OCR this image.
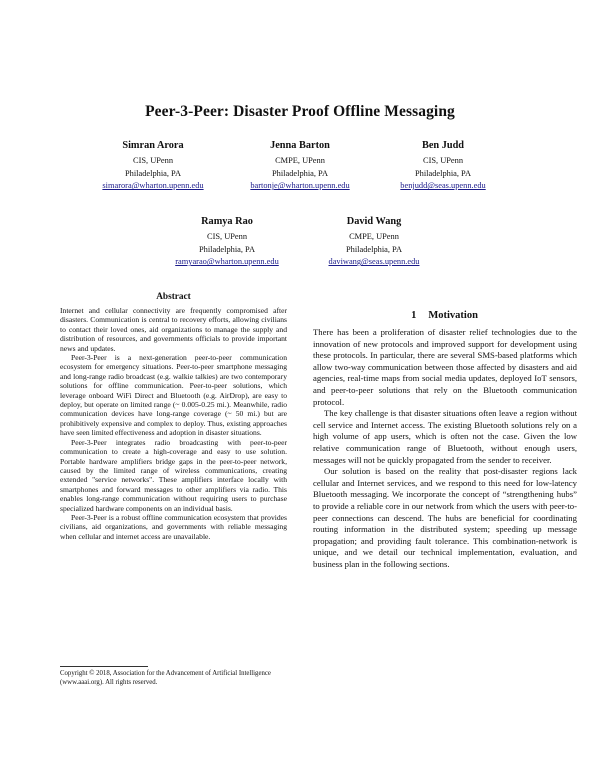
Peer-3-Peer: Disaster Proof Offline Messaging
Simran Arora
CIS, UPenn
Philadelphia, PA
simarora@wharton.upenn.edu
Jenna Barton
CMPE, UPenn
Philadelphia, PA
bartonje@wharton.upenn.edu
Ben Judd
CIS, UPenn
Philadelphia, PA
benjudd@seas.upenn.edu
Ramya Rao
CIS, UPenn
Philadelphia, PA
ramyarao@wharton.upenn.edu
David Wang
CMPE, UPenn
Philadelphia, PA
daviwang@seas.upenn.edu
Abstract

Internet and cellular connectivity are frequently compromised after disasters. Communication is central to recovery efforts, allowing civilians to contact their loved ones, aid organizations to manage the supply and distribution of resources, and governments officials to provide important news and updates.

Peer-3-Peer is a next-generation peer-to-peer communication ecosystem for emergency situations. Peer-to-peer smartphone messaging and long-range radio broadcast (e.g. walkie talkies) are two contemporary solutions for offline communication. Peer-to-peer solutions, which leverage onboard WiFi Direct and Bluetooth (e.g. AirDrop), are easy to deploy, but operate on limited range (~ 0.005-0.25 mi.). Meanwhile, radio communication devices have long-range coverage (~ 50 mi.) but are prohibitively expensive and complex to deploy. Thus, existing approaches have seen limited effectiveness and adoption in disaster situations.

Peer-3-Peer integrates radio broadcasting with peer-to-peer communication to create a high-coverage and easy to use solution. Portable hardware amplifiers bridge gaps in the peer-to-peer network, caused by the limited range of wireless communications, creating extended "service networks". These amplifiers interface locally with smartphones and forward messages to other amplifiers via radio. This enables long-range communication without requiring users to purchase specialized hardware components on an individual basis.

Peer-3-Peer is a robust offline communication ecosystem that provides civilians, aid organizations, and governments with reliable messaging when cellular and internet access are unavailable.

1 Motivation

There has been a proliferation of disaster relief technologies due to the innovation of new protocols and improved support for development using these protocols. In particular, there are several SMS-based platforms which allow two-way communication between those affected by disasters and aid agencies, real-time maps from social media updates, deployed IoT sensors, and peer-to-peer solutions that rely on the Bluetooth communication protocol.

The key challenge is that disaster situations often leave a region without cell service and Internet access. The existing Bluetooth solutions rely on a high volume of app users, which is often not the case. Given the low relative communication range of Bluetooth, without enough users, messages will not be quickly propagated from the sender to receiver.

Our solution is based on the reality that post-disaster regions lack cellular and Internet services, and we respond to this need for low-latency Bluetooth messaging. We incorporate the concept of “strengthening hubs” to provide a reliable core in our network from which the users with peer-to-peer connections can descend. The hubs are beneficial for coordinating routing information in the distributed system; speeding up message propagation; and providing fault tolerance. This combination-network is unique, and we detail our technical implementation, evaluation, and business plan in the following sections.

Copyright © 2018, Association for the Advancement of Artificial Intelligence (www.aaai.org). All rights reserved.
